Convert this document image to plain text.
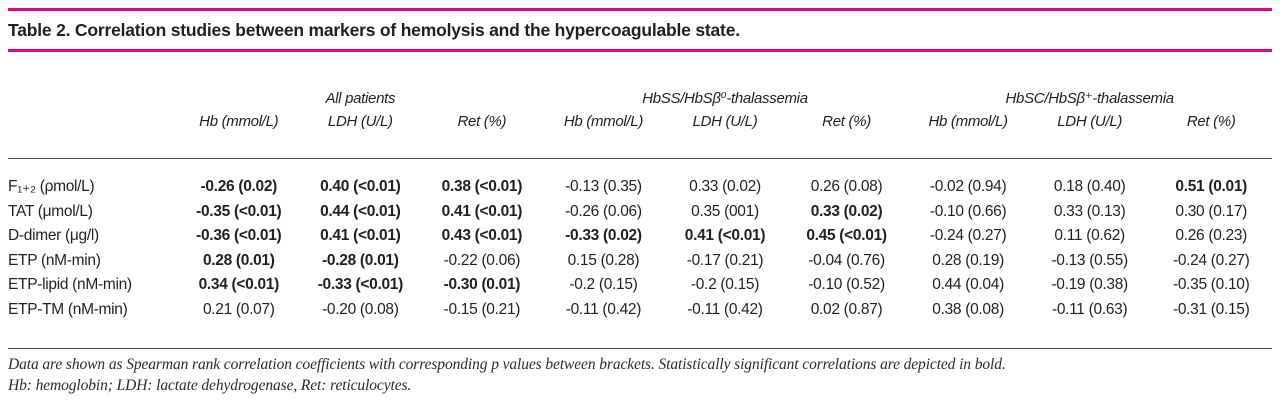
Table 2. Correlation studies between markers of hemolysis and the hypercoagulable state.
All patients	HbSS/HbSβ⁰-thalassemia	HbSC/HbSβ⁺-thalassemia
Hb (mmol/L)	LDH (U/L)	Ret (%)	Hb (mmol/L)	LDH (U/L)	Ret (%)	Hb (mmol/L)	LDH (U/L)	Ret (%)
F₁₊₂ (ρmol/L)	-0.26 (0.02)	0.40 (<0.01)	0.38 (<0.01)	-0.13 (0.35)	0.33 (0.02)	0.26 (0.08)	-0.02 (0.94)	0.18 (0.40)	0.51 (0.01)
TAT (μmol/L)	-0.35 (<0.01)	0.44 (<0.01)	0.41 (<0.01)	-0.26 (0.06)	0.35 (001)	0.33 (0.02)	-0.10 (0.66)	0.33 (0.13)	0.30 (0.17)
D-dimer (μg/l)	-0.36 (<0.01)	0.41 (<0.01)	0.43 (<0.01)	-0.33 (0.02)	0.41 (<0.01)	0.45 (<0.01)	-0.24 (0.27)	0.11 (0.62)	0.26 (0.23)
ETP (nM-min)	0.28 (0.01)	-0.28 (0.01)	-0.22 (0.06)	0.15 (0.28)	-0.17 (0.21)	-0.04 (0.76)	0.28 (0.19)	-0.13 (0.55)	-0.24 (0.27)
ETP-lipid (nM-min)	0.34 (<0.01)	-0.33 (<0.01)	-0.30 (0.01)	-0.2 (0.15)	-0.2 (0.15)	-0.10 (0.52)	0.44 (0.04)	-0.19 (0.38)	-0.35 (0.10)
ETP-TM (nM-min)	0.21 (0.07)	-0.20 (0.08)	-0.15 (0.21)	-0.11 (0.42)	-0.11 (0.42)	0.02 (0.87)	0.38 (0.08)	-0.11 (0.63)	-0.31 (0.15)

Data are shown as Spearman rank correlation coefficients with corresponding p values between brackets. Statistically significant correlations are depicted in bold.

Hb: hemoglobin; LDH: lactate dehydrogenase, Ret: reticulocytes.
